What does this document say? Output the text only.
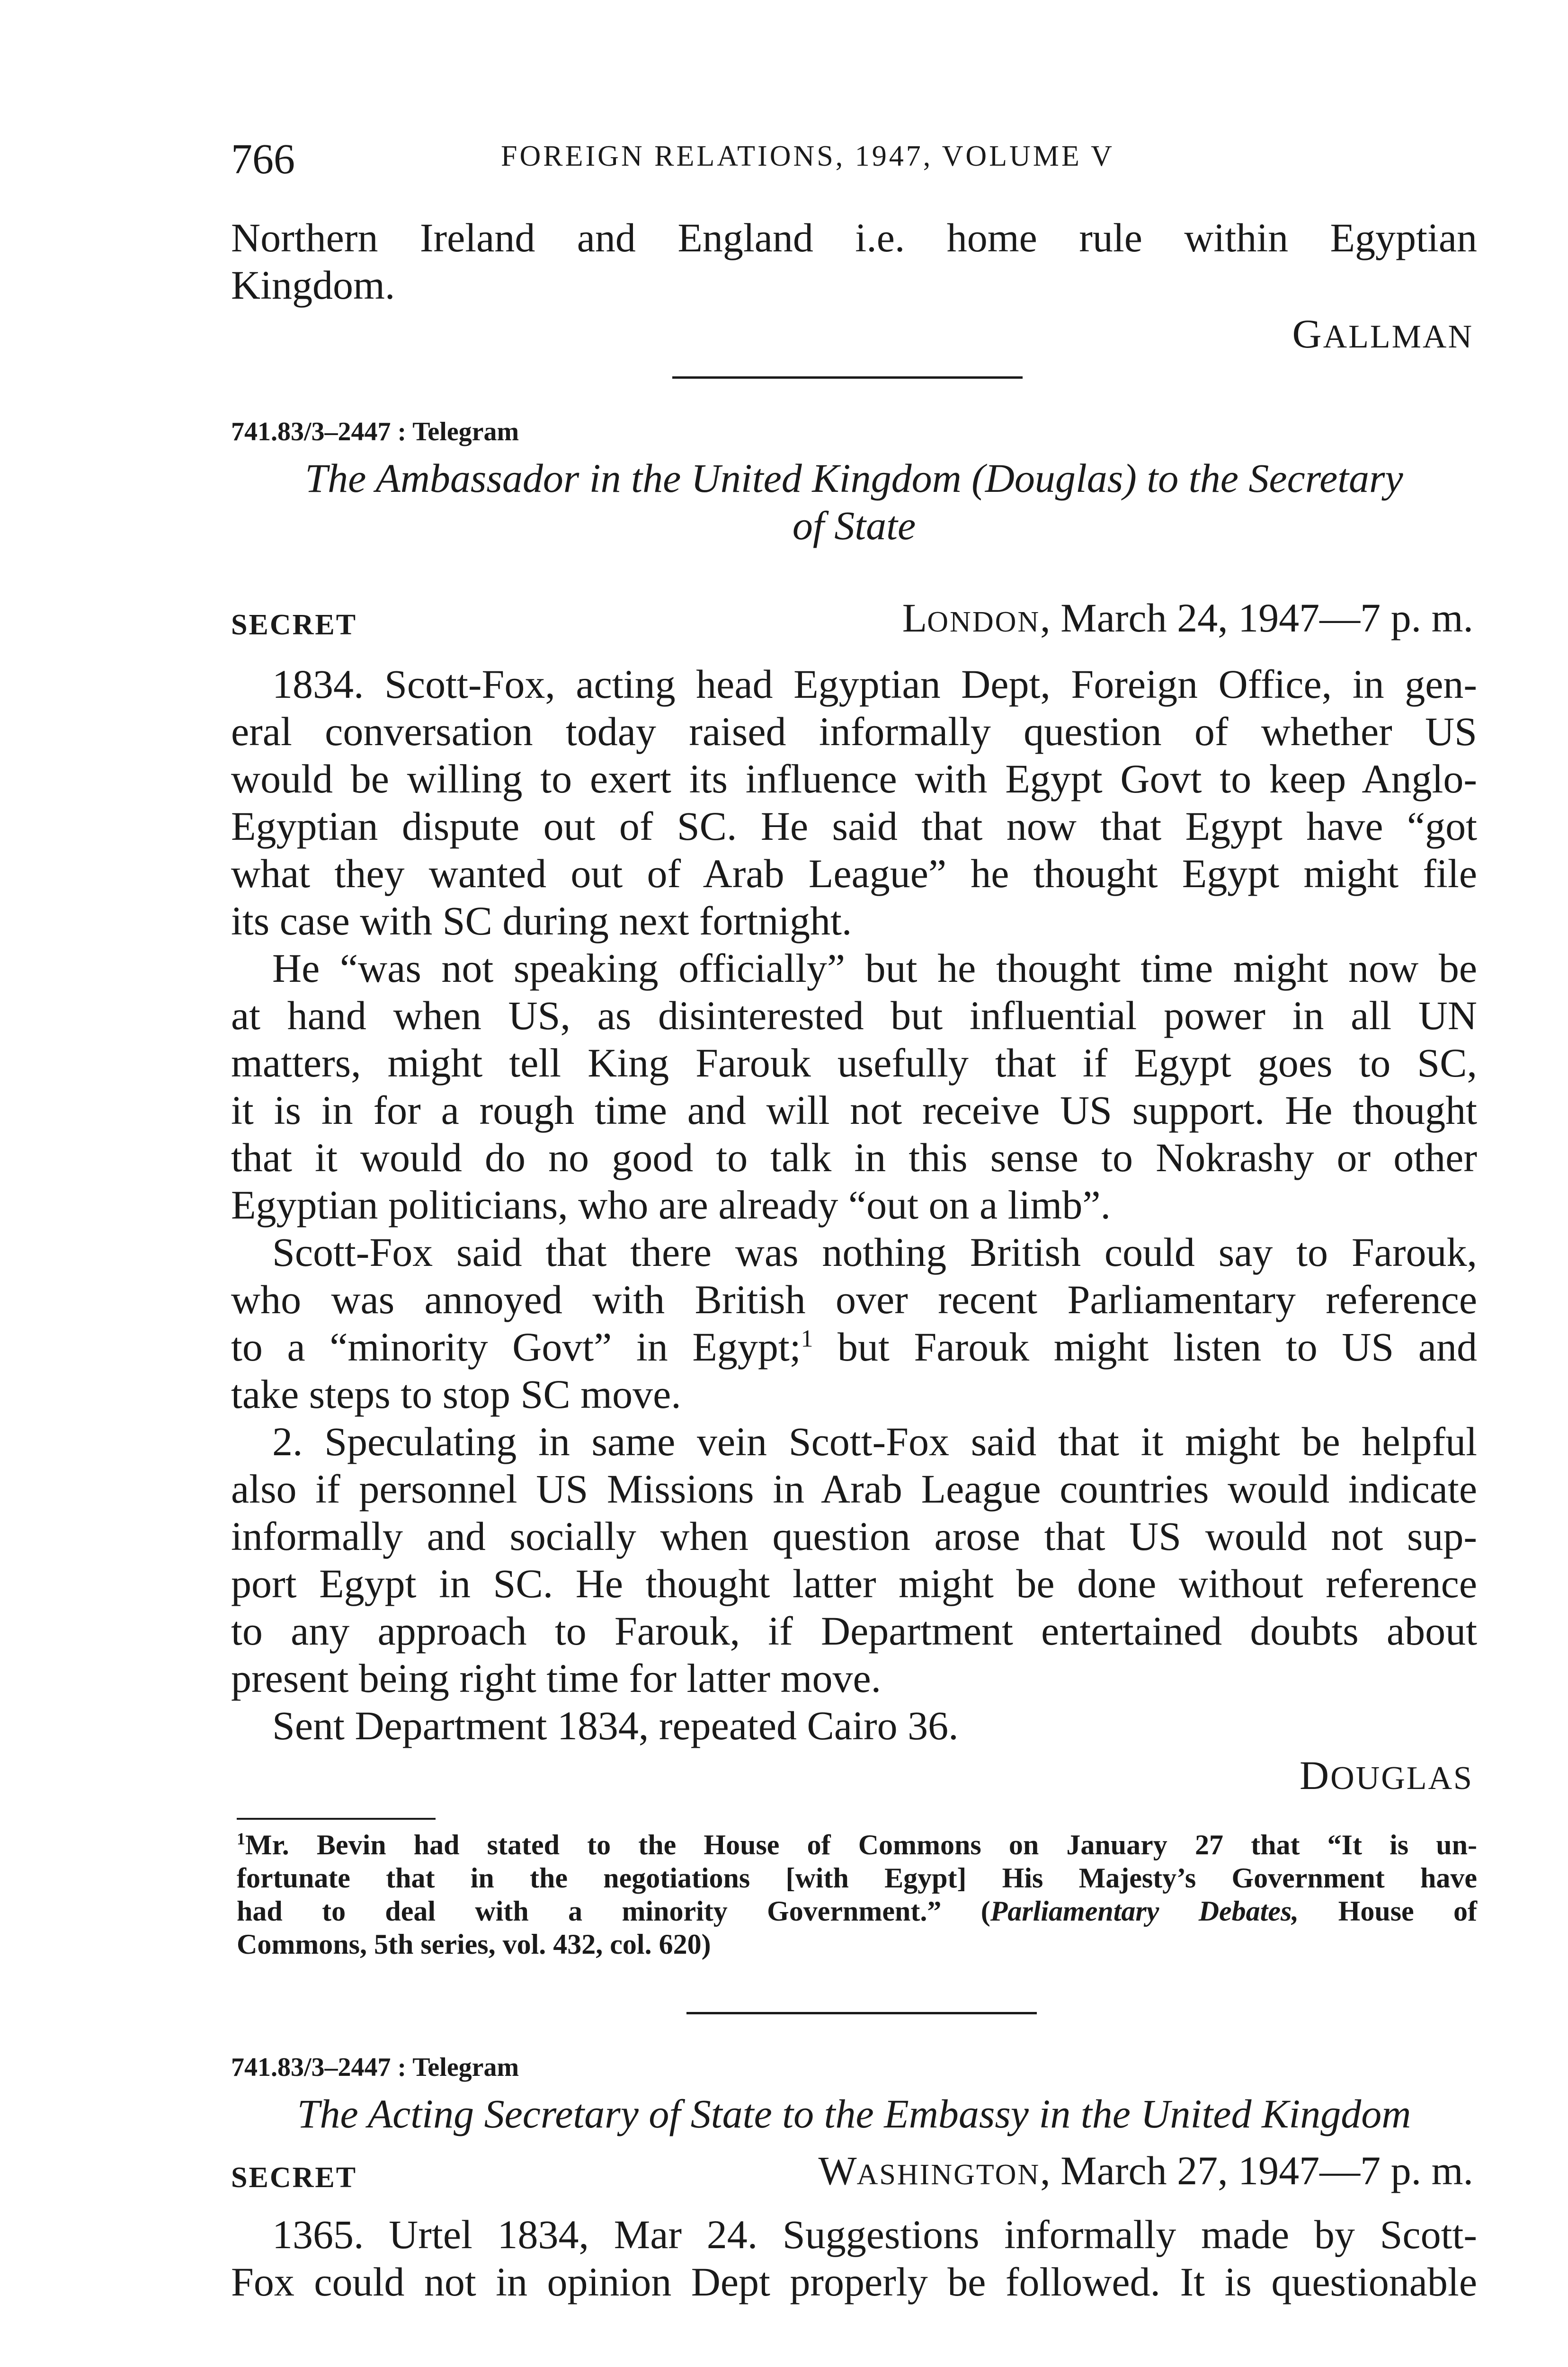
766	FOREIGN RELATIONS, 1947, VOLUME V
Northern Ireland and England i.e. home rule within Egyptian
Kingdom.
GALLMAN
741.83/3–2447 : Telegram
The Ambassador in the United Kingdom (Douglas) to the Secretary
of State
SECRET	LONDON, March 24, 1947—7 p. m.
1834. Scott-Fox, acting head Egyptian Dept, Foreign Office, in gen-
eral conversation today raised informally question of whether US
would be willing to exert its influence with Egypt Govt to keep Anglo-
Egyptian dispute out of SC. He said that now that Egypt have “got
what they wanted out of Arab League” he thought Egypt might file
its case with SC during next fortnight.
He “was not speaking officially” but he thought time might now be
at hand when US, as disinterested but influential power in all UN
matters, might tell King Farouk usefully that if Egypt goes to SC,
it is in for a rough time and will not receive US support. He thought
that it would do no good to talk in this sense to Nokrashy or other
Egyptian politicians, who are already “out on a limb”.
Scott-Fox said that there was nothing British could say to Farouk,
who was annoyed with British over recent Parliamentary reference
to a “minority Govt” in Egypt;$^1$ but Farouk might listen to US and
take steps to stop SC move.
2. Speculating in same vein Scott-Fox said that it might be helpful
also if personnel US Missions in Arab League countries would indicate
informally and socially when question arose that US would not sup-
port Egypt in SC. He thought latter might be done without reference
to any approach to Farouk, if Department entertained doubts about
present being right time for latter move.
Sent Department 1834, repeated Cairo 36.
DOUGLAS
$^1$Mr. Bevin had stated to the House of Commons on January 27 that “It is un-
fortunate that in the negotiations [with Egypt] His Majesty’s Government have
had to deal with a minority Government.” (Parliamentary Debates, House of
Commons, 5th series, vol. 432, col. 620)
741.83/3–2447 : Telegram
The Acting Secretary of State to the Embassy in the United Kingdom
SECRET	WASHINGTON, March 27, 1947—7 p. m.
1365. Urtel 1834, Mar 24. Suggestions informally made by Scott-
Fox could not in opinion Dept properly be followed. It is questionable
